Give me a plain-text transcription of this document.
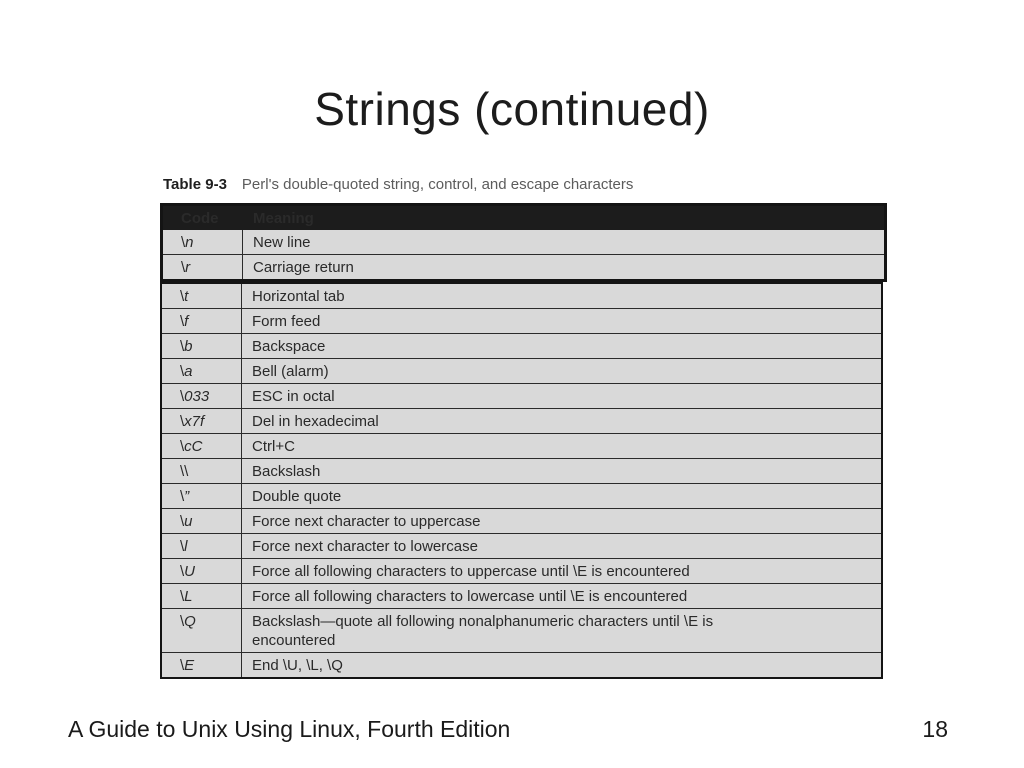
Strings (continued)
Table 9-3 Perl's double-quoted string, control, and escape characters
Code	Meaning
\n	New line
\r	Carriage return
\t	Horizontal tab
\f	Form feed
\b	Backspace
\a	Bell (alarm)
\033	ESC in octal
\x7f	Del in hexadecimal
\cC	Ctrl+C
\\	Backslash
\”	Double quote
\u	Force next character to uppercase
\l	Force next character to lowercase
\U	Force all following characters to uppercase until \E is encountered
\L	Force all following characters to lowercase until \E is encountered
\Q	Backslash—quote all following nonalphanumeric characters until \E is encountered
\E	End \U, \L, \Q
A Guide to Unix Using Linux, Fourth Edition	18
